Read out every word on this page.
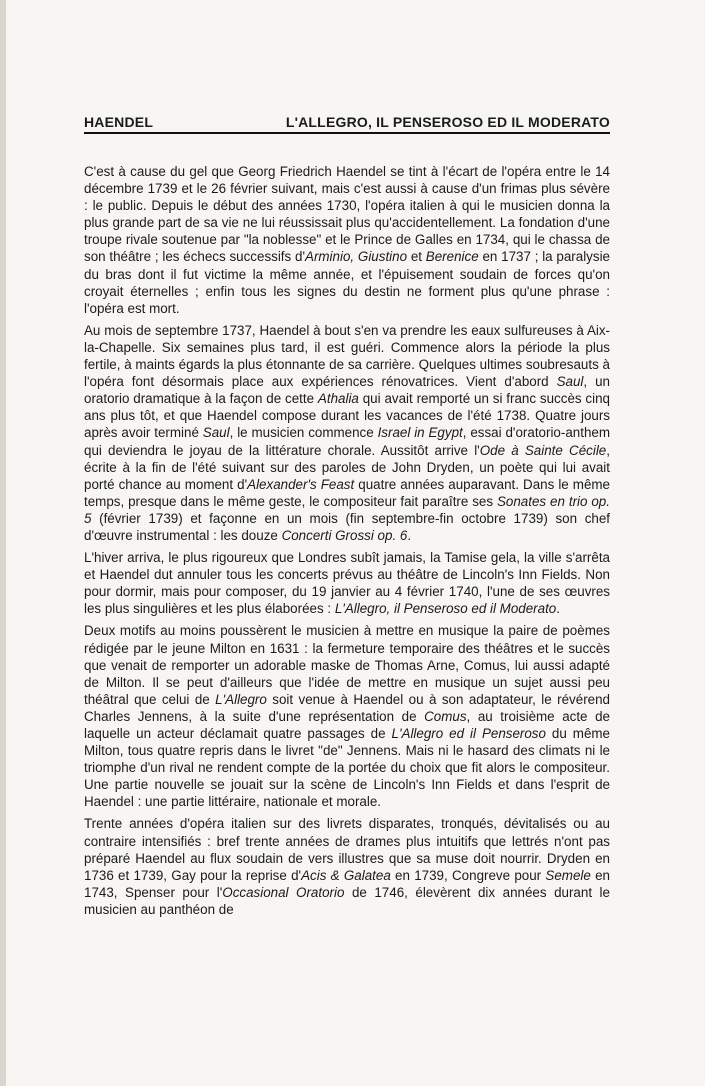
HAENDEL	L'ALLEGRO, IL PENSEROSO ED IL MODERATO

C'est à cause du gel que Georg Friedrich Haendel se tint à l'écart de l'opéra entre le 14 décembre 1739 et le 26 février suivant, mais c'est aussi à cause d'un frimas plus sévère : le public. Depuis le début des années 1730, l'opéra italien à qui le musicien donna la plus grande part de sa vie ne lui réussissait plus qu'accidentellement. La fondation d'une troupe rivale soutenue par "la noblesse" et le Prince de Galles en 1734, qui le chassa de son théâtre ; les échecs successifs d'Arminio, Giustino et Berenice en 1737 ; la paralysie du bras dont il fut victime la même année, et l'épuisement soudain de forces qu'on croyait éternelles ; enfin tous les signes du destin ne forment plus qu'une phrase : l'opéra est mort.

Au mois de septembre 1737, Haendel à bout s'en va prendre les eaux sulfureuses à Aix-la-Chapelle. Six semaines plus tard, il est guéri. Commence alors la période la plus fertile, à maints égards la plus étonnante de sa carrière. Quelques ultimes soubresauts à l'opéra font désormais place aux expériences rénovatrices. Vient d'abord Saul, un oratorio dramatique à la façon de cette Athalia qui avait remporté un si franc succès cinq ans plus tôt, et que Haendel compose durant les vacances de l'été 1738. Quatre jours après avoir terminé Saul, le musicien commence Israel in Egypt, essai d'oratorio-anthem qui deviendra le joyau de la littérature chorale. Aussitôt arrive l'Ode à Sainte Cécile, écrite à la fin de l'été suivant sur des paroles de John Dryden, un poète qui lui avait porté chance au moment d'Alexander's Feast quatre années auparavant. Dans le même temps, presque dans le même geste, le compositeur fait paraître ses Sonates en trio op. 5 (février 1739) et façonne en un mois (fin septembre-fin octobre 1739) son chef d'œuvre instrumental : les douze Concerti Grossi op. 6.

L'hiver arriva, le plus rigoureux que Londres subît jamais, la Tamise gela, la ville s'arrêta et Haendel dut annuler tous les concerts prévus au théâtre de Lincoln's Inn Fields. Non pour dormir, mais pour composer, du 19 janvier au 4 février 1740, l'une de ses œuvres les plus singulières et les plus élaborées : L'Allegro, il Penseroso ed il Moderato.

Deux motifs au moins poussèrent le musicien à mettre en musique la paire de poèmes rédigée par le jeune Milton en 1631 : la fermeture temporaire des théâtres et le succès que venait de remporter un adorable maske de Thomas Arne, Comus, lui aussi adapté de Milton. Il se peut d'ailleurs que l'idée de mettre en musique un sujet aussi peu théâtral que celui de L'Allegro soit venue à Haendel ou à son adaptateur, le révérend Charles Jennens, à la suite d'une représentation de Comus, au troisième acte de laquelle un acteur déclamait quatre passages de L'Allegro ed il Penseroso du même Milton, tous quatre repris dans le livret "de" Jennens. Mais ni le hasard des climats ni le triomphe d'un rival ne rendent compte de la portée du choix que fit alors le compositeur. Une partie nouvelle se jouait sur la scène de Lincoln's Inn Fields et dans l'esprit de Haendel : une partie littéraire, nationale et morale.

Trente années d'opéra italien sur des livrets disparates, tronqués, dévitalisés ou au contraire intensifiés : bref trente années de drames plus intuitifs que lettrés n'ont pas préparé Haendel au flux soudain de vers illustres que sa muse doit nourrir. Dryden en 1736 et 1739, Gay pour la reprise d'Acis & Galatea en 1739, Congreve pour Semele en 1743, Spenser pour l'Occasional Oratorio de 1746, élevèrent dix années durant le musicien au panthéon de
